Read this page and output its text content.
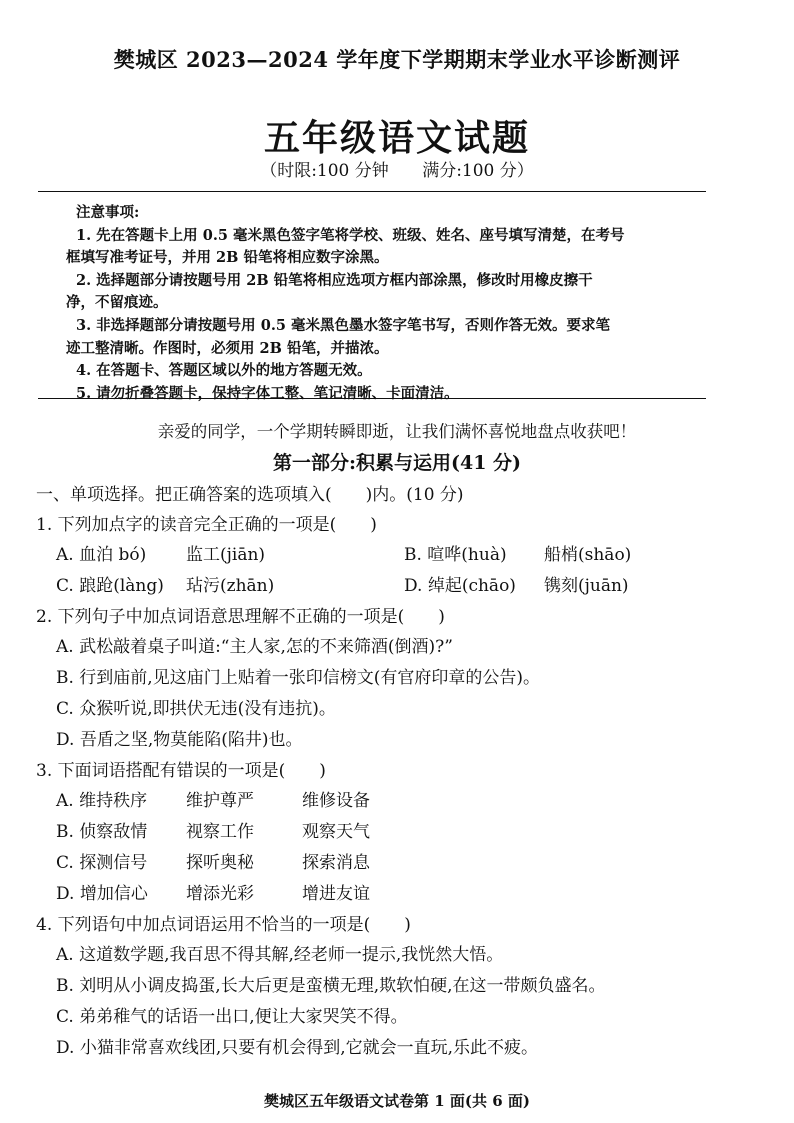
樊城区 2023—2024 学年度下学期期末学业水平诊断测评
五年级语文试题
（时限:100 分钟 满分:100 分）

注意事项:

1. 先在答题卡上用 0.5 毫米黑色签字笔将学校、班级、姓名、座号填写清楚，在考号

框填写准考证号，并用 2B 铅笔将相应数字涂黑。

2. 选择题部分请按题号用 2B 铅笔将相应选项方框内部涂黑，修改时用橡皮擦干

净，不留痕迹。

3. 非选择题部分请按题号用 0.5 毫米黑色墨水签字笔书写，否则作答无效。要求笔

迹工整清晰。作图时，必须用 2B 铅笔，并描浓。

4. 在答题卡、答题区域以外的地方答题无效。

5. 请勿折叠答题卡，保持字体工整、笔记清晰、卡面清洁。

亲爱的同学，一个学期转瞬即逝，让我们满怀喜悦地盘点收获吧！
第一部分:积累与运用(41 分)
一、单项选择。把正确答案的选项填入(　　)内。(10 分)
1. 下列加点字的读音完全正确的一项是(　　)
A. 血泊 bó)	监工(jiān)	B. 喧哗(huà)	船梢(shāo)
C. 踉跄(làng)	玷污(zhān)	D. 绰起(chāo)	镌刻(juān)
2. 下列句子中加点词语意思理解不正确的一项是(　　)
A. 武松敲着桌子叫道:“主人家,怎的不来筛酒(倒酒)?”
B. 行到庙前,见这庙门上贴着一张印信榜文(有官府印章的公告)。
C. 众猴听说,即拱伏无违(没有违抗)。
D. 吾盾之坚,物莫能陷(陷井)也。
3. 下面词语搭配有错误的一项是(　　)
A. 维持秩序	维护尊严	维修设备
B. 侦察敌情	视察工作	观察天气
C. 探测信号	探听奥秘	探索消息
D. 增加信心	增添光彩	增进友谊
4. 下列语句中加点词语运用不恰当的一项是(　　)
A. 这道数学题,我百思不得其解,经老师一提示,我恍然大悟。
B. 刘明从小调皮捣蛋,长大后更是蛮横无理,欺软怕硬,在这一带颇负盛名。
C. 弟弟稚气的话语一出口,便让大家哭笑不得。
D. 小猫非常喜欢线团,只要有机会得到,它就会一直玩,乐此不疲。
樊城区五年级语文试卷第 1 面(共 6 面)
